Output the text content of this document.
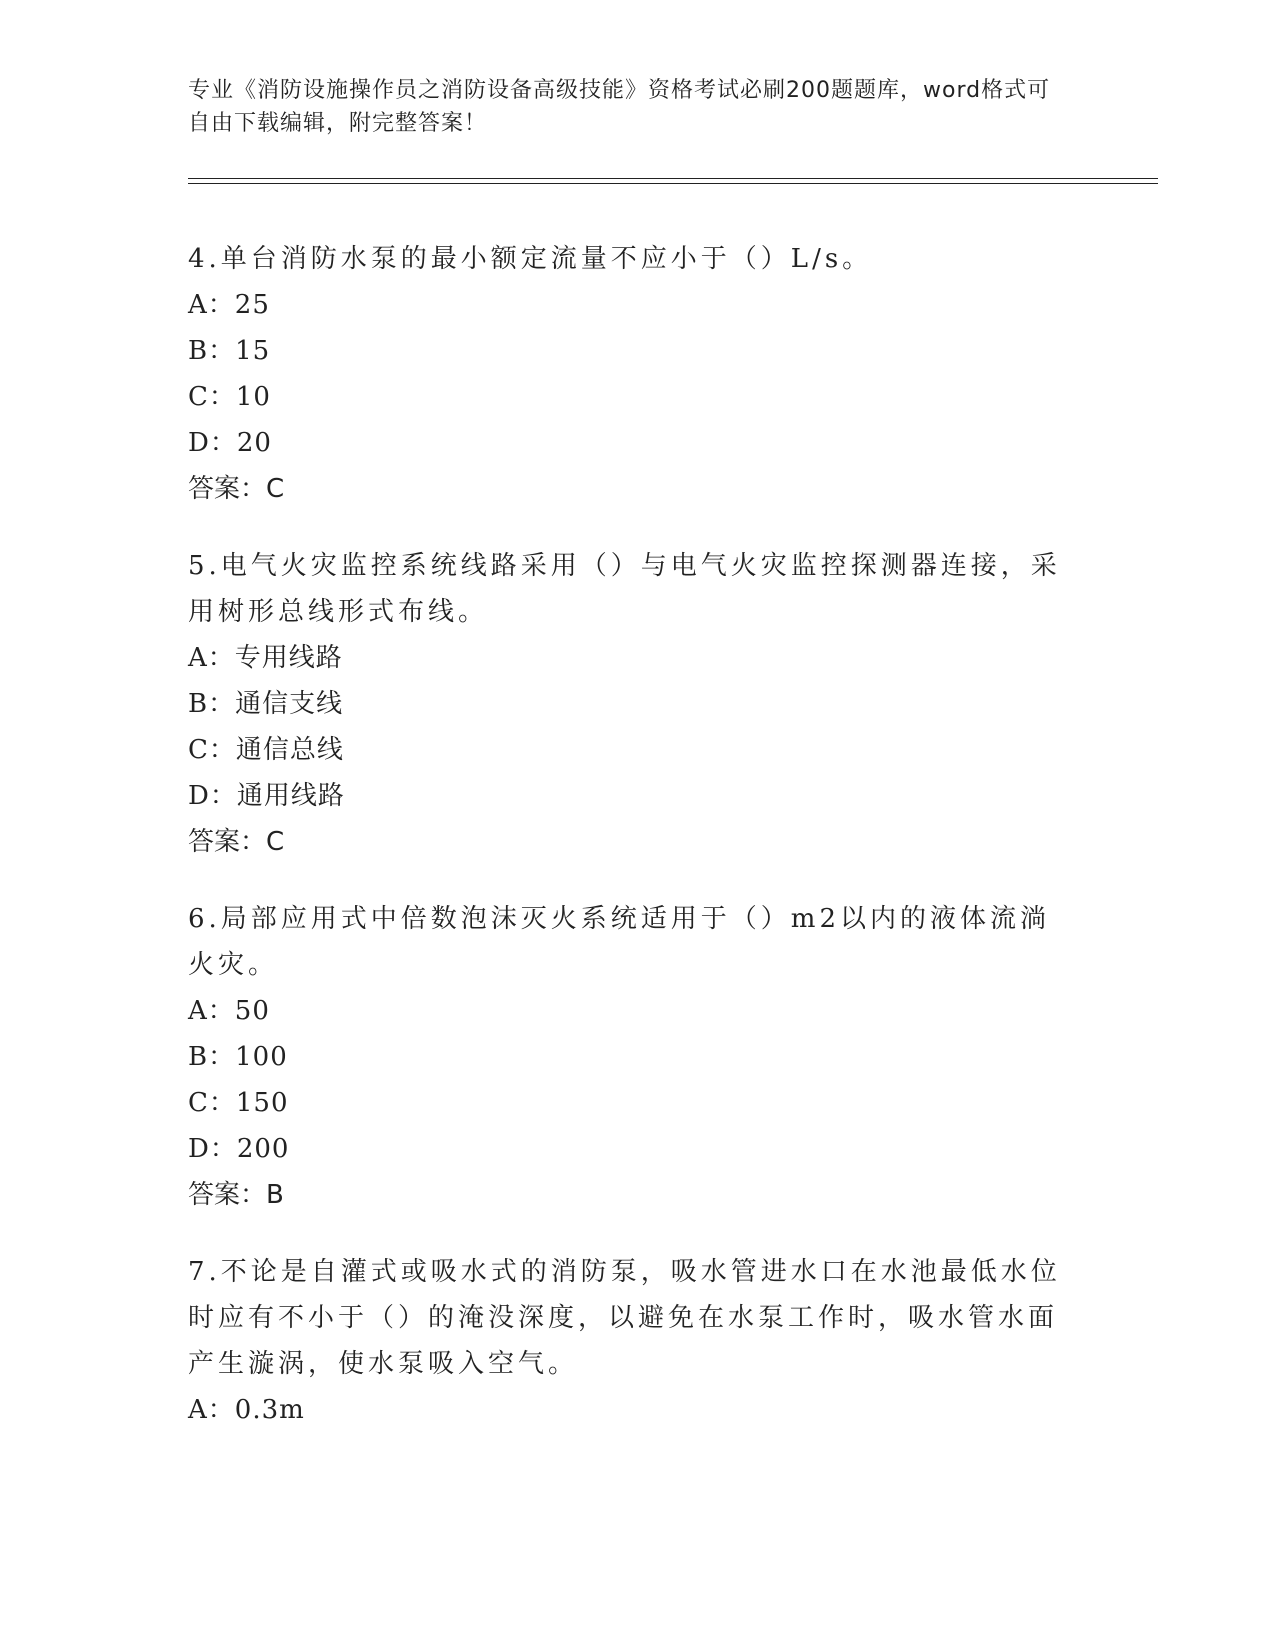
专业《消防设施操作员之消防设备高级技能》资格考试必刷200题题库，word格式可自由下载编辑，附完整答案！

4.单台消防水泵的最小额定流量不应小于（）L/s。

A：25

B：15

C：10

D：20

答案：C

5.电气火灾监控系统线路采用（）与电气火灾监控探测器连接，采用树形总线形式布线。

A：专用线路

B：通信支线

C：通信总线

D：通用线路

答案：C

6.局部应用式中倍数泡沫灭火系统适用于（）m2以内的液体流淌火灾。

A：50

B：100

C：150

D：200

答案：B

7.不论是自灌式或吸水式的消防泵，吸水管进水口在水池最低水位时应有不小于（）的淹没深度，以避免在水泵工作时，吸水管水面产生漩涡，使水泵吸入空气。

A：0.3m
